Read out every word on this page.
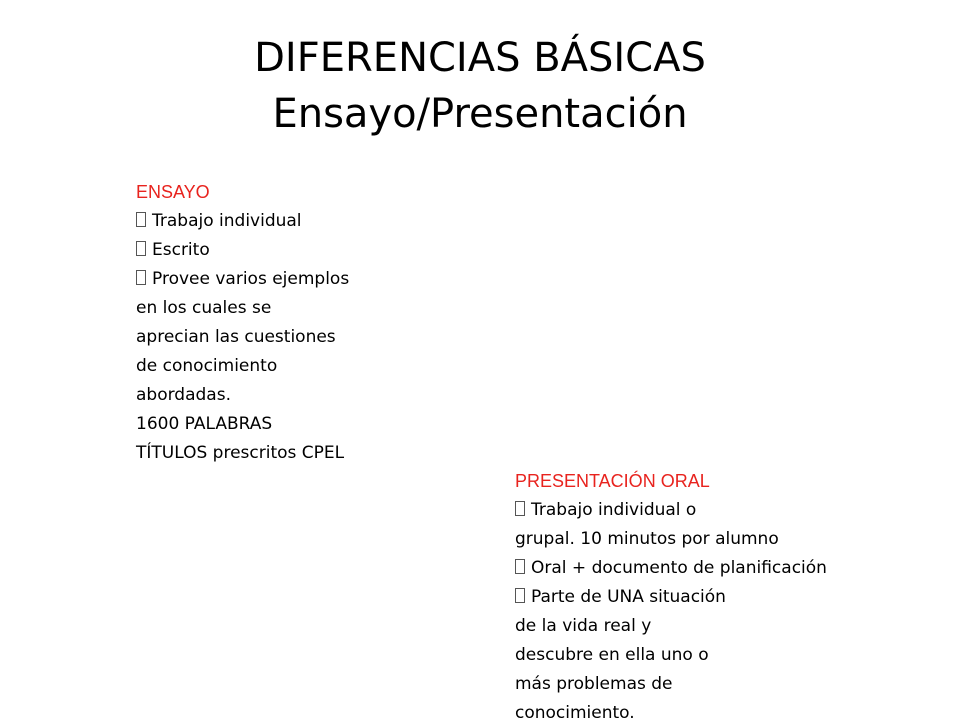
DIFERENCIAS BÁSICAS
Ensayo/Presentación
ENSAYO
Trabajo individual
Escrito
Provee varios ejemplos
en los cuales se
aprecian las cuestiones
de conocimiento
abordadas.
1600 PALABRAS
TÍTULOS prescritos CPEL
PRESENTACIÓN ORAL
Trabajo individual o
grupal. 10 minutos por alumno
Oral + documento de planificación
Parte de UNA situación
de la vida real y
descubre en ella uno o
más problemas de
conocimiento.
